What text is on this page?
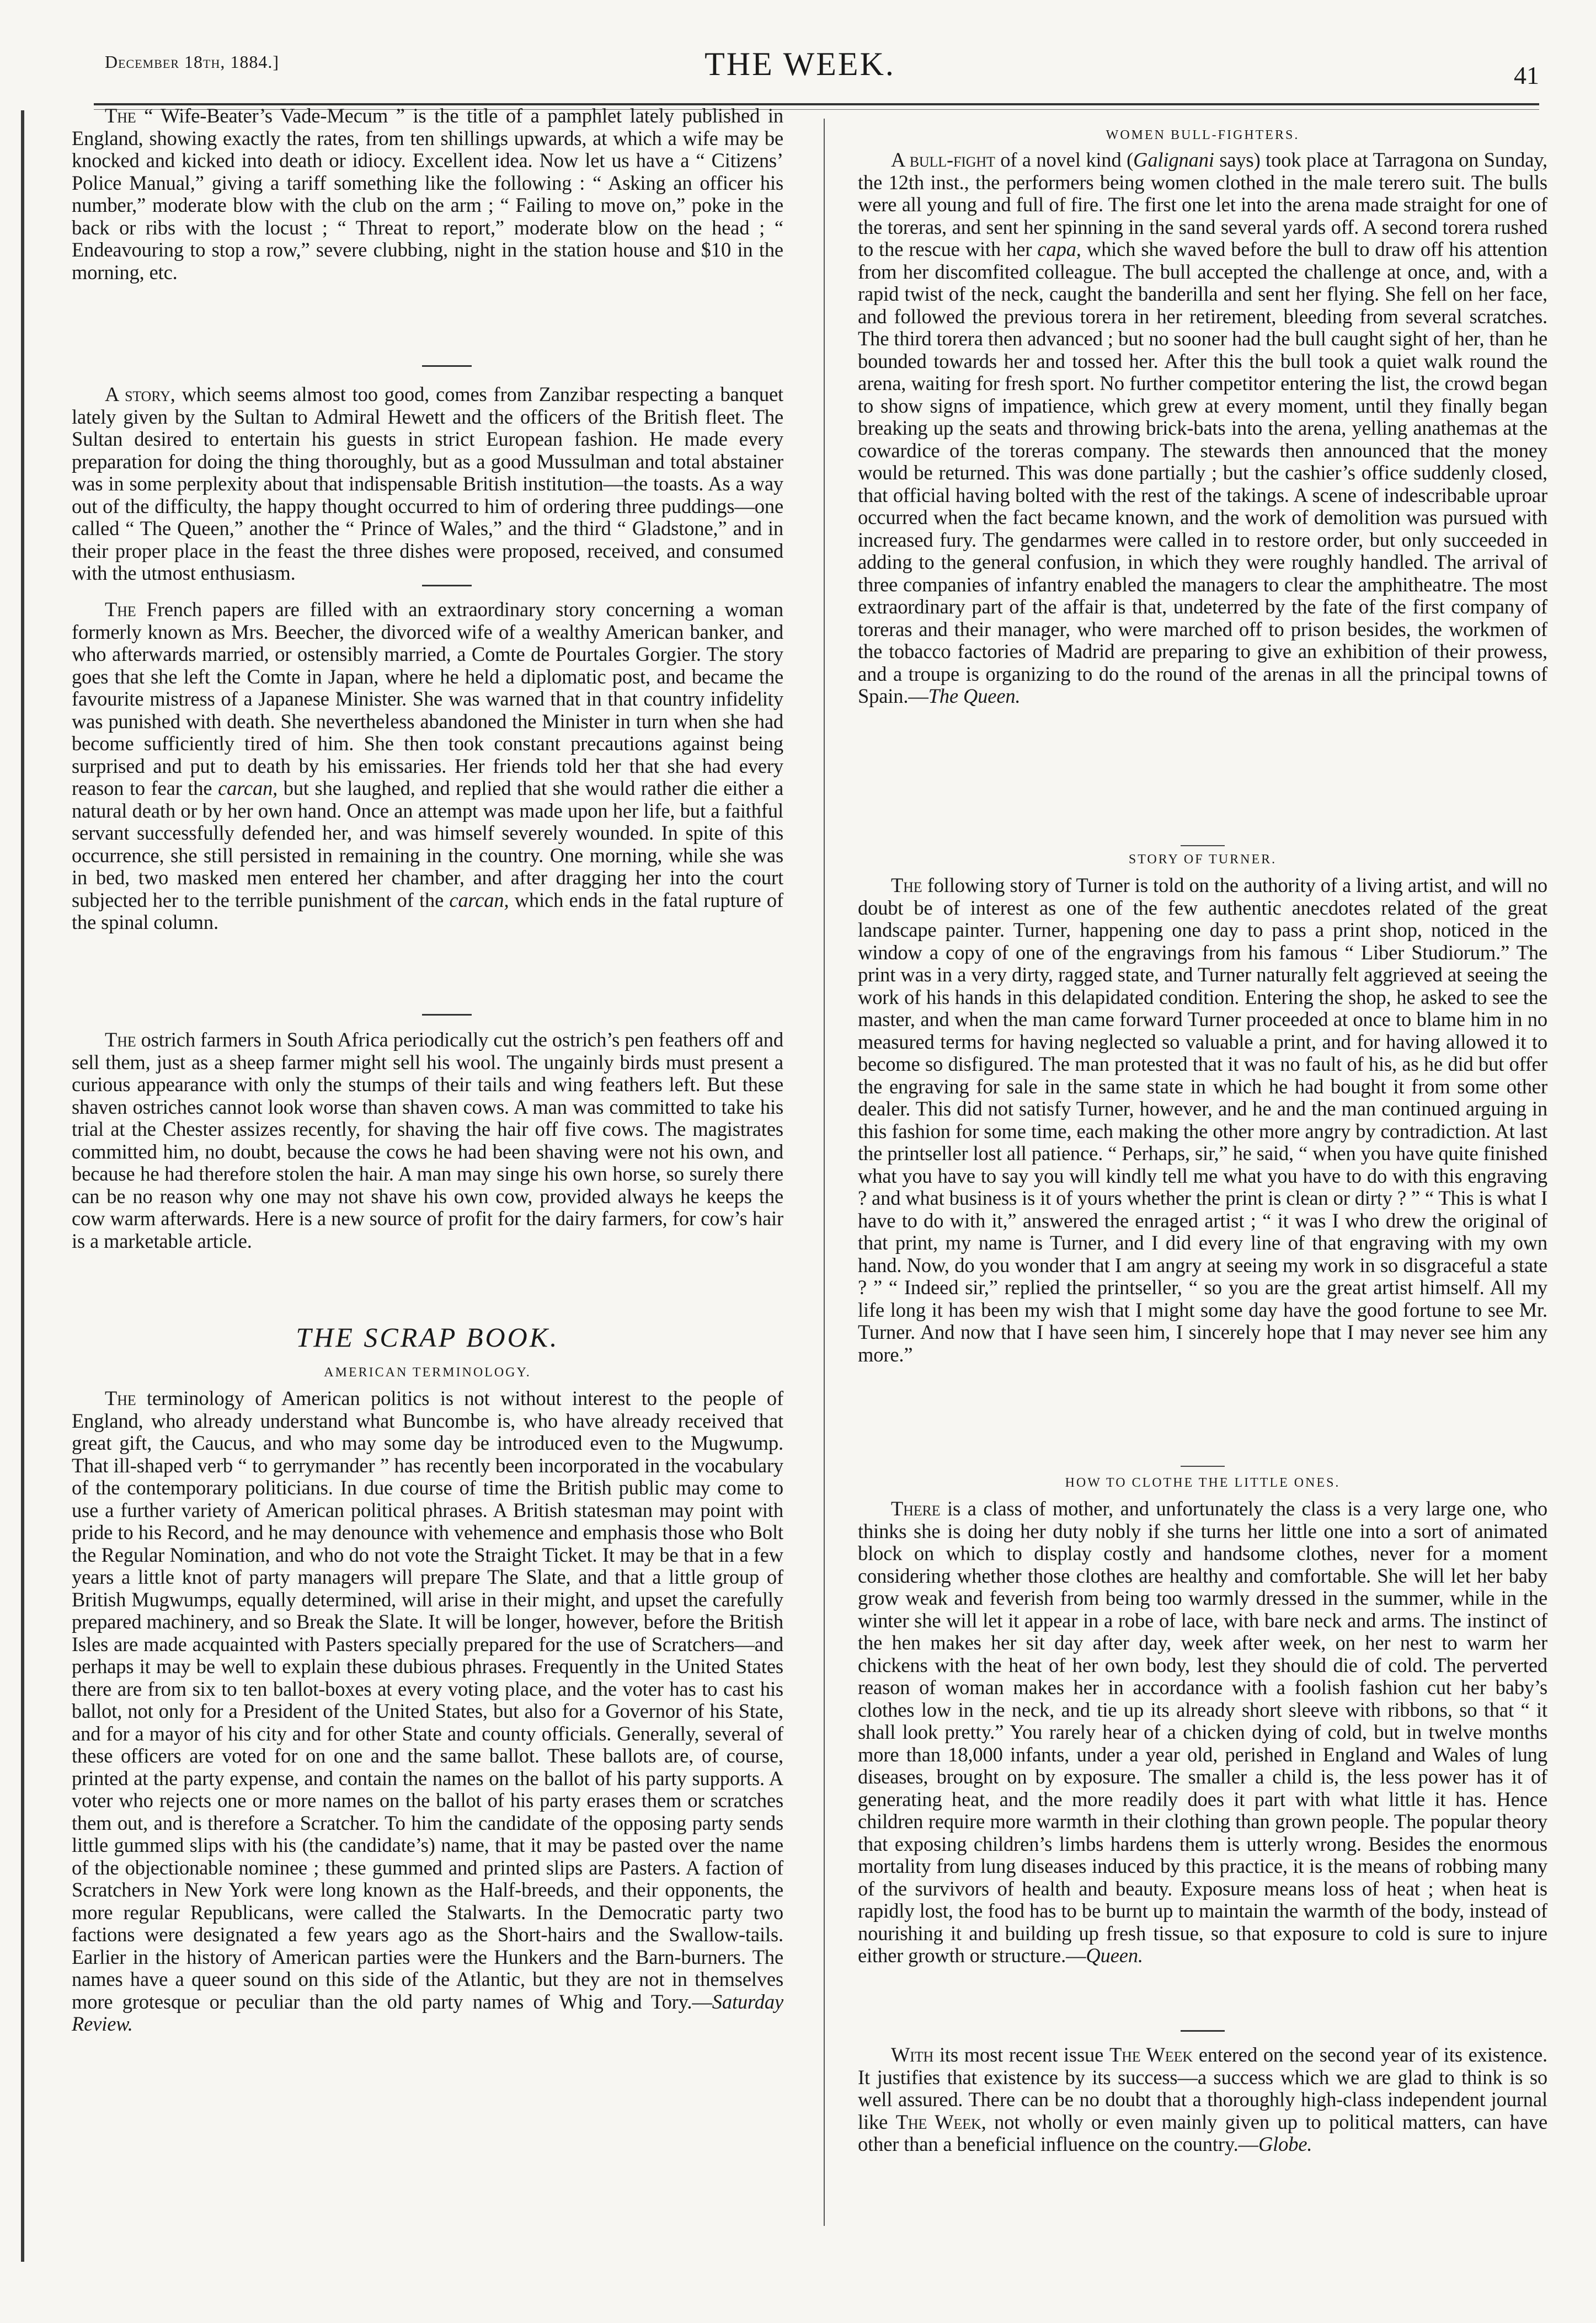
December 18th, 1884.]	THE WEEK.	41
The “ Wife-Beater’s Vade-Mecum ” is the title of a pamphlet lately published in England, showing exactly the rates, from ten shillings upwards, at which a wife may be knocked and kicked into death or idiocy. Excellent idea. Now let us have a “ Citizens’ Police Manual,” giving a tariff something like the following : “ Asking an officer his number,” moderate blow with the club on the arm ; “ Failing to move on,” poke in the back or ribs with the locust ; “ Threat to report,” moderate blow on the head ; “ Endeavouring to stop a row,” severe clubbing, night in the station house and $10 in the morning, etc.
A story, which seems almost too good, comes from Zanzibar respecting a banquet lately given by the Sultan to Admiral Hewett and the officers of the British fleet. The Sultan desired to entertain his guests in strict European fashion. He made every preparation for doing the thing thoroughly, but as a good Mussulman and total abstainer was in some perplexity about that indispensable British institution—the toasts. As a way out of the difficulty, the happy thought occurred to him of ordering three puddings—one called “ The Queen,” another the “ Prince of Wales,” and the third “ Gladstone,” and in their proper place in the feast the three dishes were proposed, received, and consumed with the utmost enthusiasm.
The French papers are filled with an extraordinary story concerning a woman formerly known as Mrs. Beecher, the divorced wife of a wealthy American banker, and who afterwards married, or ostensibly married, a Comte de Pourtales Gorgier. The story goes that she left the Comte in Japan, where he held a diplomatic post, and became the favourite mistress of a Japanese Minister. She was warned that in that country infidelity was punished with death. She nevertheless abandoned the Minister in turn when she had become sufficiently tired of him. She then took constant precautions against being surprised and put to death by his emissaries. Her friends told her that she had every reason to fear the carcan, but she laughed, and replied that she would rather die either a natural death or by her own hand. Once an attempt was made upon her life, but a faithful servant successfully defended her, and was himself severely wounded. In spite of this occurrence, she still persisted in remaining in the country. One morning, while she was in bed, two masked men entered her chamber, and after dragging her into the court subjected her to the terrible punishment of the carcan, which ends in the fatal rupture of the spinal column.
The ostrich farmers in South Africa periodically cut the ostrich’s pen feathers off and sell them, just as a sheep farmer might sell his wool. The ungainly birds must present a curious appearance with only the stumps of their tails and wing feathers left. But these shaven ostriches cannot look worse than shaven cows. A man was committed to take his trial at the Chester assizes recently, for shaving the hair off five cows. The magistrates committed him, no doubt, because the cows he had been shaving were not his own, and because he had therefore stolen the hair. A man may singe his own horse, so surely there can be no reason why one may not shave his own cow, provided always he keeps the cow warm afterwards. Here is a new source of profit for the dairy farmers, for cow’s hair is a marketable article.
THE SCRAP BOOK.
AMERICAN TERMINOLOGY.
The terminology of American politics is not without interest to the people of England, who already understand what Buncombe is, who have already received that great gift, the Caucus, and who may some day be introduced even to the Mugwump. That ill-shaped verb “ to gerrymander ” has recently been incorporated in the vocabulary of the contemporary politicians. In due course of time the British public may come to use a further variety of American political phrases. A British statesman may point with pride to his Record, and he may denounce with vehemence and emphasis those who Bolt the Regular Nomination, and who do not vote the Straight Ticket. It may be that in a few years a little knot of party managers will prepare The Slate, and that a little group of British Mugwumps, equally determined, will arise in their might, and upset the carefully prepared machinery, and so Break the Slate. It will be longer, however, before the British Isles are made acquainted with Pasters specially prepared for the use of Scratchers—and perhaps it may be well to explain these dubious phrases. Frequently in the United States there are from six to ten ballot-boxes at every voting place, and the voter has to cast his ballot, not only for a President of the United States, but also for a Governor of his State, and for a mayor of his city and for other State and county officials. Generally, several of these officers are voted for on one and the same ballot. These ballots are, of course, printed at the party expense, and contain the names on the ballot of his party supports. A voter who rejects one or more names on the ballot of his party erases them or scratches them out, and is therefore a Scratcher. To him the candidate of the opposing party sends little gummed slips with his (the candidate’s) name, that it may be pasted over the name of the objectionable nominee ; these gummed and printed slips are Pasters. A faction of Scratchers in New York were long known as the Half-breeds, and their opponents, the more regular Republicans, were called the Stalwarts. In the Democratic party two factions were designated a few years ago as the Short-hairs and the Swallow-tails. Earlier in the history of American parties were the Hunkers and the Barn-burners. The names have a queer sound on this side of the Atlantic, but they are not in themselves more grotesque or peculiar than the old party names of Whig and Tory.—Saturday Review.
WOMEN BULL-FIGHTERS.
A bull-fight of a novel kind (Galignani says) took place at Tarragona on Sunday, the 12th inst., the performers being women clothed in the male terero suit. The bulls were all young and full of fire. The first one let into the arena made straight for one of the toreras, and sent her spinning in the sand several yards off. A second torera rushed to the rescue with her capa, which she waved before the bull to draw off his attention from her discomfited colleague. The bull accepted the challenge at once, and, with a rapid twist of the neck, caught the banderilla and sent her flying. She fell on her face, and followed the previous torera in her retirement, bleeding from several scratches. The third torera then advanced ; but no sooner had the bull caught sight of her, than he bounded towards her and tossed her. After this the bull took a quiet walk round the arena, waiting for fresh sport. No further competitor entering the list, the crowd began to show signs of impatience, which grew at every moment, until they finally began breaking up the seats and throwing brick-bats into the arena, yelling anathemas at the cowardice of the toreras company. The stewards then announced that the money would be returned. This was done partially ; but the cashier’s office suddenly closed, that official having bolted with the rest of the takings. A scene of indescribable uproar occurred when the fact became known, and the work of demolition was pursued with increased fury. The gendarmes were called in to restore order, but only succeeded in adding to the general confusion, in which they were roughly handled. The arrival of three companies of infantry enabled the managers to clear the amphitheatre. The most extraordinary part of the affair is that, undeterred by the fate of the first company of toreras and their manager, who were marched off to prison besides, the workmen of the tobacco factories of Madrid are preparing to give an exhibition of their prowess, and a troupe is organizing to do the round of the arenas in all the principal towns of Spain.—The Queen.
STORY OF TURNER.
The following story of Turner is told on the authority of a living artist, and will no doubt be of interest as one of the few authentic anecdotes related of the great landscape painter. Turner, happening one day to pass a print shop, noticed in the window a copy of one of the engravings from his famous “ Liber Studiorum.” The print was in a very dirty, ragged state, and Turner naturally felt aggrieved at seeing the work of his hands in this delapidated condition. Entering the shop, he asked to see the master, and when the man came forward Turner proceeded at once to blame him in no measured terms for having neglected so valuable a print, and for having allowed it to become so disfigured. The man protested that it was no fault of his, as he did but offer the engraving for sale in the same state in which he had bought it from some other dealer. This did not satisfy Turner, however, and he and the man continued arguing in this fashion for some time, each making the other more angry by contradiction. At last the printseller lost all patience. “ Perhaps, sir,” he said, “ when you have quite finished what you have to say you will kindly tell me what you have to do with this engraving ? and what business is it of yours whether the print is clean or dirty ? ” “ This is what I have to do with it,” answered the enraged artist ; “ it was I who drew the original of that print, my name is Turner, and I did every line of that engraving with my own hand. Now, do you wonder that I am angry at seeing my work in so disgraceful a state ? ” “ Indeed sir,” replied the printseller, “ so you are the great artist himself. All my life long it has been my wish that I might some day have the good fortune to see Mr. Turner. And now that I have seen him, I sincerely hope that I may never see him any more.”
HOW TO CLOTHE THE LITTLE ONES.
There is a class of mother, and unfortunately the class is a very large one, who thinks she is doing her duty nobly if she turns her little one into a sort of animated block on which to display costly and handsome clothes, never for a moment considering whether those clothes are healthy and comfortable. She will let her baby grow weak and feverish from being too warmly dressed in the summer, while in the winter she will let it appear in a robe of lace, with bare neck and arms. The instinct of the hen makes her sit day after day, week after week, on her nest to warm her chickens with the heat of her own body, lest they should die of cold. The perverted reason of woman makes her in accordance with a foolish fashion cut her baby’s clothes low in the neck, and tie up its already short sleeve with ribbons, so that “ it shall look pretty.” You rarely hear of a chicken dying of cold, but in twelve months more than 18,000 infants, under a year old, perished in England and Wales of lung diseases, brought on by exposure. The smaller a child is, the less power has it of generating heat, and the more readily does it part with what little it has. Hence children require more warmth in their clothing than grown people. The popular theory that exposing children’s limbs hardens them is utterly wrong. Besides the enormous mortality from lung diseases induced by this practice, it is the means of robbing many of the survivors of health and beauty. Exposure means loss of heat ; when heat is rapidly lost, the food has to be burnt up to maintain the warmth of the body, instead of nourishing it and building up fresh tissue, so that exposure to cold is sure to injure either growth or structure.—Queen.
With its most recent issue The Week entered on the second year of its existence. It justifies that existence by its success—a success which we are glad to think is so well assured. There can be no doubt that a thoroughly high-class independent journal like The Week, not wholly or even mainly given up to political matters, can have other than a beneficial influence on the country.—Globe.
